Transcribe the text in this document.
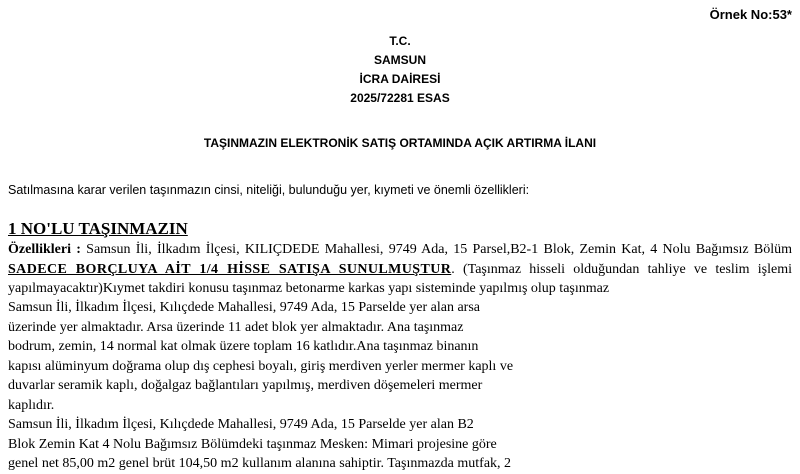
Örnek No:53*
T.C.
SAMSUN
İCRA DAİRESİ
2025/72281 ESAS
TAŞINMAZIN ELEKTRONİK SATIŞ ORTAMINDA AÇIK ARTIRMA İLANI
Satılmasına karar verilen taşınmazın cinsi, niteliği, bulunduğu yer, kıymeti ve önemli özellikleri:
1 NO'LU TAŞINMAZIN
Özellikleri : Samsun İli, İlkadım İlçesi, KILIÇDEDE Mahallesi, 9749 Ada, 15 Parsel,B2-1 Blok, Zemin Kat, 4 Nolu Bağımsız Bölüm SADECE BORÇLUYA AİT 1/4 HİSSE SATIŞA SUNULMUŞTUR. (Taşınmaz hisseli olduğundan tahliye ve teslim işlemi yapılmayacaktır)Kıymet takdiri konusu taşınmaz betonarme karkas yapı sisteminde yapılmış olup taşınmaz
Samsun İli, İlkadım İlçesi, Kılıçdede Mahallesi, 9749 Ada, 15 Parselde yer alan arsa
üzerinde yer almaktadır. Arsa üzerinde 11 adet blok yer almaktadır. Ana taşınmaz
bodrum, zemin, 14 normal kat olmak üzere toplam 16 katlıdır.Ana taşınmaz binanın
kapısı alüminyum doğrama olup dış cephesi boyalı, giriş merdiven yerler mermer kaplı ve
duvarlar seramik kaplı, doğalgaz bağlantıları yapılmış, merdiven döşemeleri mermer
kaplıdır.
Samsun İli, İlkadım İlçesi, Kılıçdede Mahallesi, 9749 Ada, 15 Parselde yer alan B2
Blok Zemin Kat 4 Nolu Bağımsız Bölümdeki taşınmaz Mesken: Mimari projesine göre
genel net 85,00 m2 genel brüt 104,50 m2 kullanım alanına sahiptir. Taşınmazda mutfak, 2
